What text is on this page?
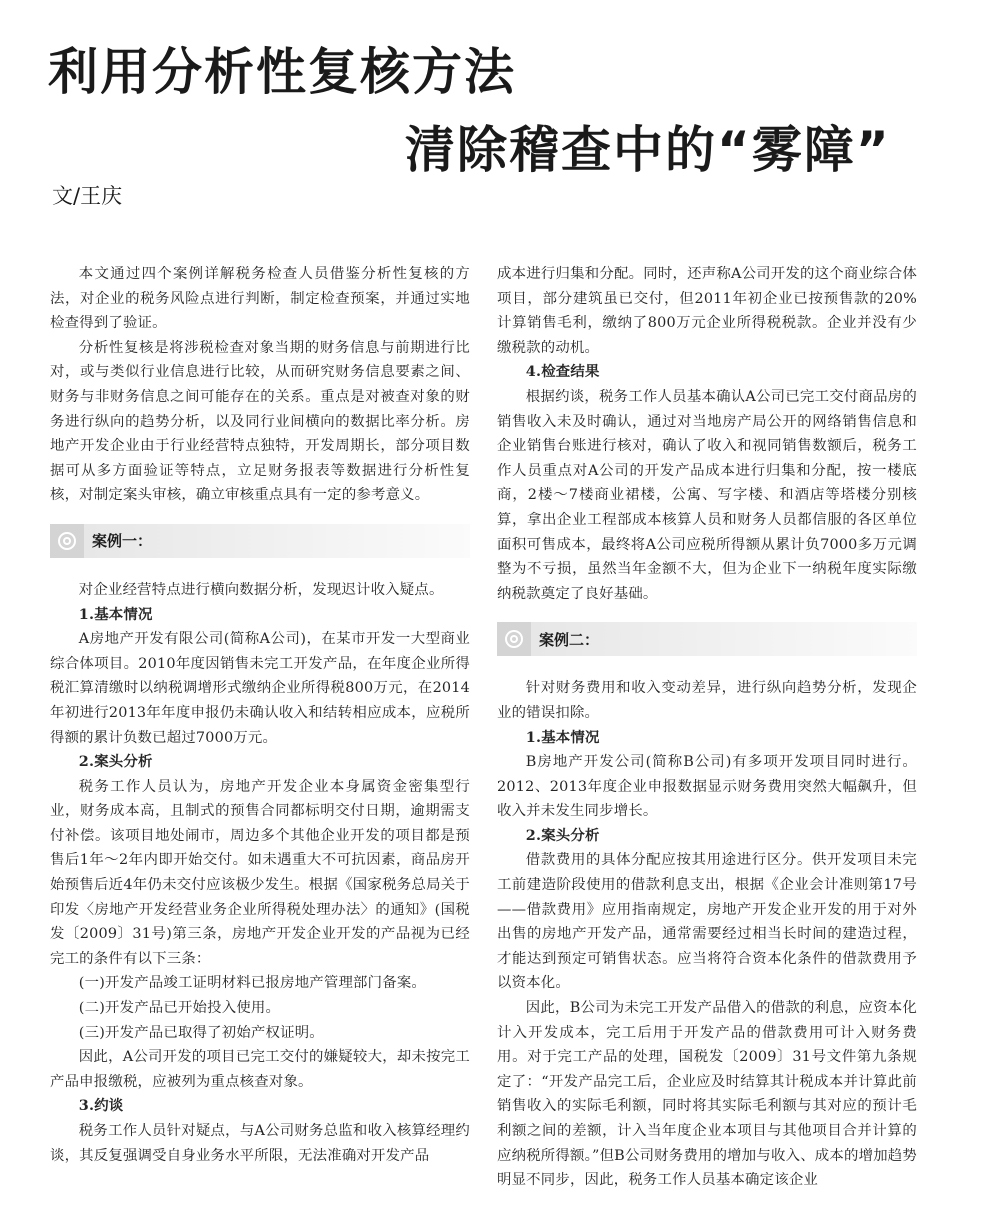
利用分析性复核方法
清除稽查中的“雾障”

文/王庆

本文通过四个案例详解税务检查人员借鉴分析性复核的方法，对企业的税务风险点进行判断，制定检查预案，并通过实地检查得到了验证。

分析性复核是将涉税检查对象当期的财务信息与前期进行比对，或与类似行业信息进行比较，从而研究财务信息要素之间、财务与非财务信息之间可能存在的关系。重点是对被查对象的财务进行纵向的趋势分析，以及同行业间横向的数据比率分析。房地产开发企业由于行业经营特点独特，开发周期长，部分项目数据可从多方面验证等特点，立足财务报表等数据进行分析性复核，对制定案头审核，确立审核重点具有一定的参考意义。

案例一：

对企业经营特点进行横向数据分析，发现迟计收入疑点。

1.基本情况

A房地产开发有限公司(简称A公司)，在某市开发一大型商业综合体项目。2010年度因销售未完工开发产品，在年度企业所得税汇算清缴时以纳税调增形式缴纳企业所得税800万元，在2014年初进行2013年年度申报仍未确认收入和结转相应成本，应税所得额的累计负数已超过7000万元。

2.案头分析

税务工作人员认为，房地产开发企业本身属资金密集型行业，财务成本高，且制式的预售合同都标明交付日期，逾期需支付补偿。该项目地处闹市，周边多个其他企业开发的项目都是预售后1年～2年内即开始交付。如未遇重大不可抗因素，商品房开始预售后近4年仍未交付应该极少发生。根据《国家税务总局关于印发〈房地产开发经营业务企业所得税处理办法〉的通知》(国税发〔2009〕31号)第三条，房地产开发企业开发的产品视为已经完工的条件有以下三条：

(一)开发产品竣工证明材料已报房地产管理部门备案。

(二)开发产品已开始投入使用。

(三)开发产品已取得了初始产权证明。

因此，A公司开发的项目已完工交付的嫌疑较大，却未按完工产品申报缴税，应被列为重点核查对象。

3.约谈

税务工作人员针对疑点，与A公司财务总监和收入核算经理约谈，其反复强调受自身业务水平所限，无法准确对开发产品

成本进行归集和分配。同时，还声称A公司开发的这个商业综合体项目，部分建筑虽已交付，但2011年初企业已按预售款的20%计算销售毛利，缴纳了800万元企业所得税税款。企业并没有少缴税款的动机。

4.检查结果

根据约谈，税务工作人员基本确认A公司已完工交付商品房的销售收入未及时确认，通过对当地房产局公开的网络销售信息和企业销售台账进行核对，确认了收入和视同销售数额后，税务工作人员重点对A公司的开发产品成本进行归集和分配，按一楼底商，2楼～7楼商业裙楼，公寓、写字楼、和酒店等塔楼分别核算，拿出企业工程部成本核算人员和财务人员都信服的各区单位面积可售成本，最终将A公司应税所得额从累计负7000多万元调整为不亏损，虽然当年金额不大，但为企业下一纳税年度实际缴纳税款奠定了良好基础。

案例二：

针对财务费用和收入变动差异，进行纵向趋势分析，发现企业的错误扣除。

1.基本情况

B房地产开发公司(简称B公司)有多项开发项目同时进行。2012、2013年度企业申报数据显示财务费用突然大幅飙升，但收入并未发生同步增长。

2.案头分析

借款费用的具体分配应按其用途进行区分。供开发项目未完工前建造阶段使用的借款利息支出，根据《企业会计准则第17号——借款费用》应用指南规定，房地产开发企业开发的用于对外出售的房地产开发产品，通常需要经过相当长时间的建造过程，才能达到预定可销售状态。应当将符合资本化条件的借款费用予以资本化。

因此，B公司为未完工开发产品借入的借款的利息，应资本化计入开发成本，完工后用于开发产品的借款费用可计入财务费用。对于完工产品的处理，国税发〔2009〕31号文件第九条规定了：“开发产品完工后，企业应及时结算其计税成本并计算此前销售收入的实际毛利额，同时将其实际毛利额与其对应的预计毛利额之间的差额，计入当年度企业本项目与其他项目合并计算的应纳税所得额。”但B公司财务费用的增加与收入、成本的增加趋势明显不同步，因此，税务工作人员基本确定该企业
